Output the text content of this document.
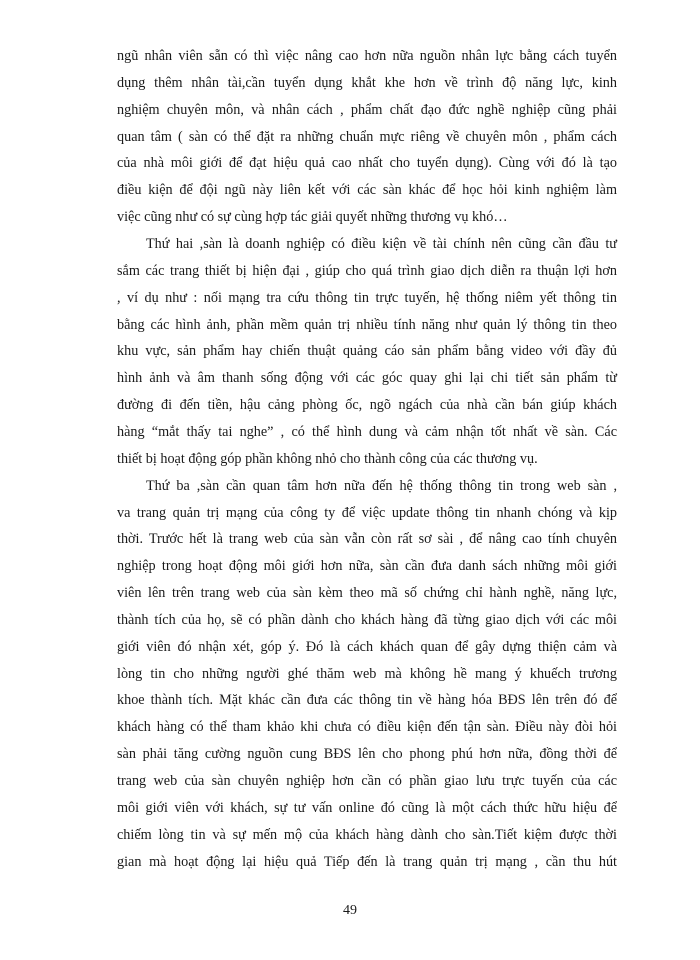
ngũ nhân viên sẵn có thì việc nâng cao hơn nữa nguồn nhân lực bằng cách tuyển
dụng thêm nhân tài,cần tuyển dụng khắt khe hơn về trình độ năng lực, kinh
nghiệm chuyên môn, và nhân cách , phẩm chất đạo đức nghề nghiệp cũng phải
quan tâm ( sàn có thể đặt ra những chuẩn mực riêng về chuyên môn , phẩm cách
của nhà môi giới để đạt hiệu quả cao nhất cho tuyển dụng). Cùng với đó là tạo
điều kiện để đội ngũ này liên kết với các sàn khác để học hỏi kinh nghiệm làm
việc cũng như có sự cùng hợp tác giải quyết những thương vụ khó…
Thứ hai ,sàn là doanh nghiệp có điều kiện về tài chính nên cũng cần đầu tư
sắm các trang thiết bị hiện đại , giúp cho quá trình giao dịch diễn ra thuận lợi hơn
, ví dụ như : nối mạng tra cứu thông tin trực tuyến, hệ thống niêm yết thông tin
bằng các hình ảnh, phần mềm quản trị nhiều tính năng như quản lý thông tin theo
khu vực, sản phẩm hay chiến thuật quảng cáo sản phẩm bằng video với đầy đủ
hình ảnh và âm thanh sống động với các góc quay ghi lại chi tiết sản phẩm từ
đường đi đến tiền, hậu cảng phòng ốc, ngõ ngách của nhà cần bán giúp khách
hàng “mắt thấy tai nghe” , có thể hình dung và cảm nhận tốt nhất về sàn. Các
thiết bị hoạt động góp phần không nhỏ cho thành công của các thương vụ.
Thứ ba ,sàn cần quan tâm hơn nữa đến hệ thống thông tin trong web sàn ,
va trang quản trị mạng của công ty để việc update thông tin nhanh chóng và kịp
thời. Trước hết là trang web của sàn vẫn còn rất sơ sài , để nâng cao tính chuyên
nghiệp trong hoạt động môi giới hơn nữa, sàn cần đưa danh sách những môi giới
viên lên trên trang web của sàn kèm theo mã số chứng chỉ hành nghề, năng lực,
thành tích của họ, sẽ có phần dành cho khách hàng đã từng giao dịch với các môi
giới viên đó nhận xét, góp ý. Đó là cách khách quan để gây dựng thiện cảm và
lòng tin cho những người ghé thăm web mà không hề mang ý khuếch trương
khoe thành tích. Mặt khác cần đưa các thông tin về hàng hóa BĐS lên trên đó để
khách hàng có thể tham khảo khi chưa có điều kiện đến tận sàn. Điều này đòi hỏi
sàn phải tăng cường nguồn cung BĐS lên cho phong phú hơn nữa, đồng thời để
trang web của sàn chuyên nghiệp hơn cần có phần giao lưu trực tuyến của các
môi giới viên với khách, sự tư vấn online đó cũng là một cách thức hữu hiệu để
chiếm lòng tin và sự mến mộ của khách hàng dành cho sàn.Tiết kiệm được thời
gian mà hoạt động lại hiệu quả Tiếp đến là trang quản trị mạng , cần thu hút
49
